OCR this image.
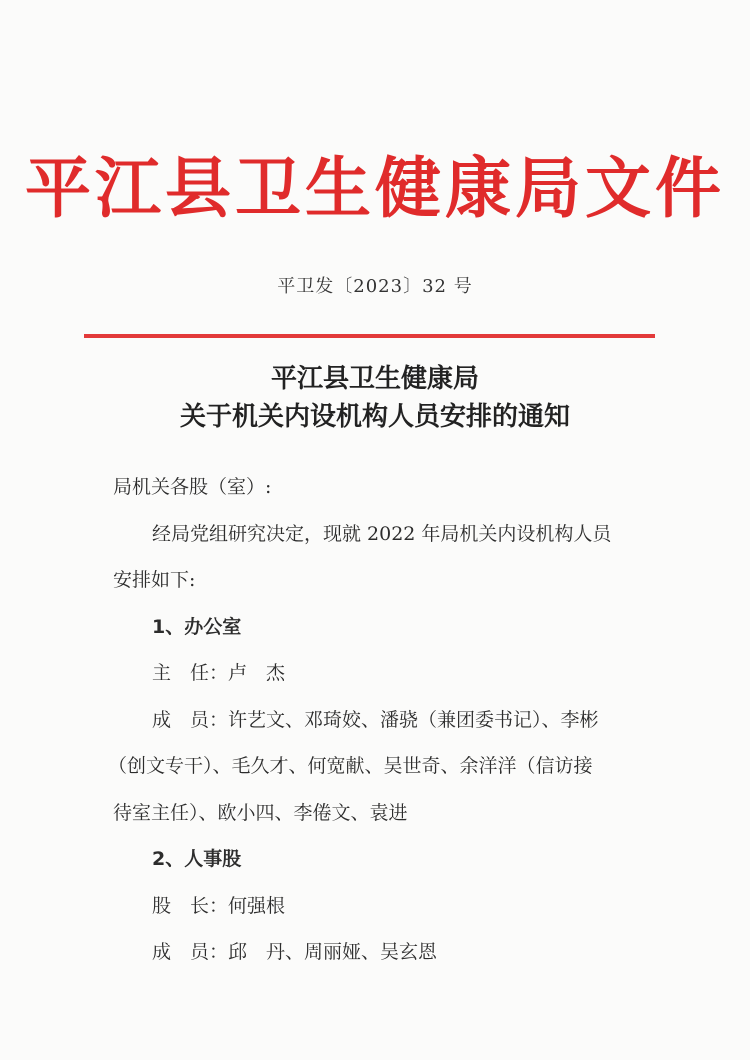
平江县卫生健康局文件
平卫发〔2023〕32 号
平江县卫生健康局
关于机关内设机构人员安排的通知
局机关各股（室）:
经局党组研究决定，现就 2022 年局机关内设机构人员
安排如下:
1、办公室
主　任：卢　杰
成　员：许艺文、邓琦姣、潘骁（兼团委书记）、李彬
（创文专干）、毛久才、何宽献、吴世奇、余洋洋（信访接
待室主任）、欧小四、李倦文、袁进
2、人事股
股　长：何强根
成　员：邱　丹、周丽娅、吴玄恩
